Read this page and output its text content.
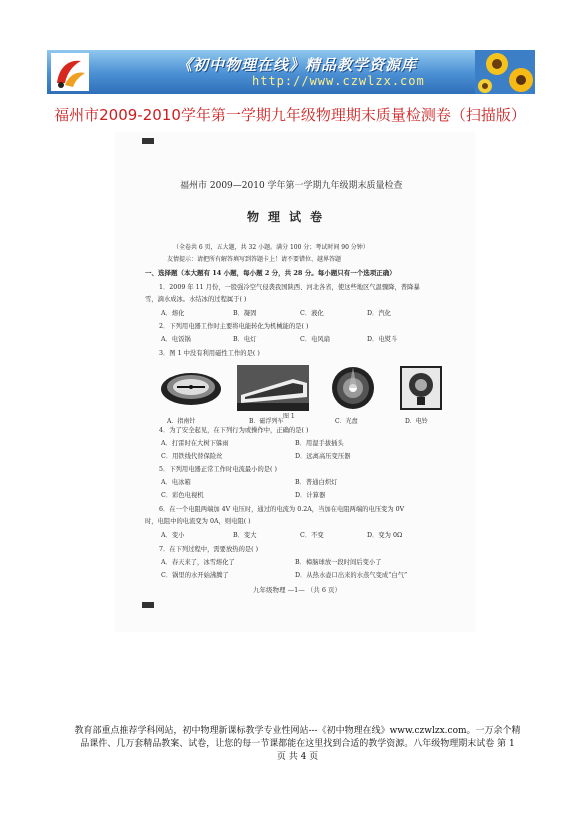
《初中物理在线》精品教学资源库
http://www.czwlzx.com
福州市2009-2010学年第一学期九年级物理期末质量检测卷（扫描版）
福州市 2009—2010 学年第一学期九年级期末质量检查
物理试卷
（全卷共 6 页，五大题，共 32 小题。满分 100 分；考试时间 90 分钟）
友情提示：请把所有解答填写到答题卡上！请不要错位、越界答题
一、选择题（本大题有 14 小题，每小题 2 分，共 28 分。每小题只有一个选项正确）
1．2009 年 11 月份，一股强冷空气侵袭我国陕西、河北各省，使这些地区气温骤降，普降暴
雪，滴水成冰。水结冰的过程属于( )
A．熔化	B．凝固	C．液化	D．汽化
2．下列用电器工作时主要将电能转化为机械能的是( )
A．电饭锅	B．电灯	C．电风扇	D．电熨斗
3．图 1 中没有利用磁性工作的是( )
A．指南针	B．磁浮列车	C．光盘	D．电铃
图 1
4．为了安全起见，在下列行为或操作中，正确的是( )
A．打雷时在大树下躲雨	B．用湿手拔插头
C．用铁线代替保险丝	D．远离高压变压器
5．下列用电器正常工作时电流最小的是( )
A．电冰箱	B．普通白炽灯
C．彩色电视机	D．计算器
6．在一个电阻两端加 4V 电压时，通过的电流为 0.2A，当加在电阻两端的电压变为 0V
时，电阻中的电流变为 0A，则电阻( )
A．变小	B．变大	C．不变	D．变为 0Ω
7．在下列过程中，需要放热的是( )
A．春天来了，冰雪熔化了	B．樟脑球放一段时间后变小了
C．锅里的水开始沸腾了	D．从热水壶口出来的水蒸气变成“白气”
九年级物理 —1— （共 6 页）
教育部重点推荐学科网站，初中物理新课标教学专业性网站---《初中物理在线》www.czwlzx.com。一万余个精
品课件、几万套精品教案、试卷，让您的每一节课都能在这里找到合适的教学资源。八年级物理期末试卷 第 1
页 共 4 页
